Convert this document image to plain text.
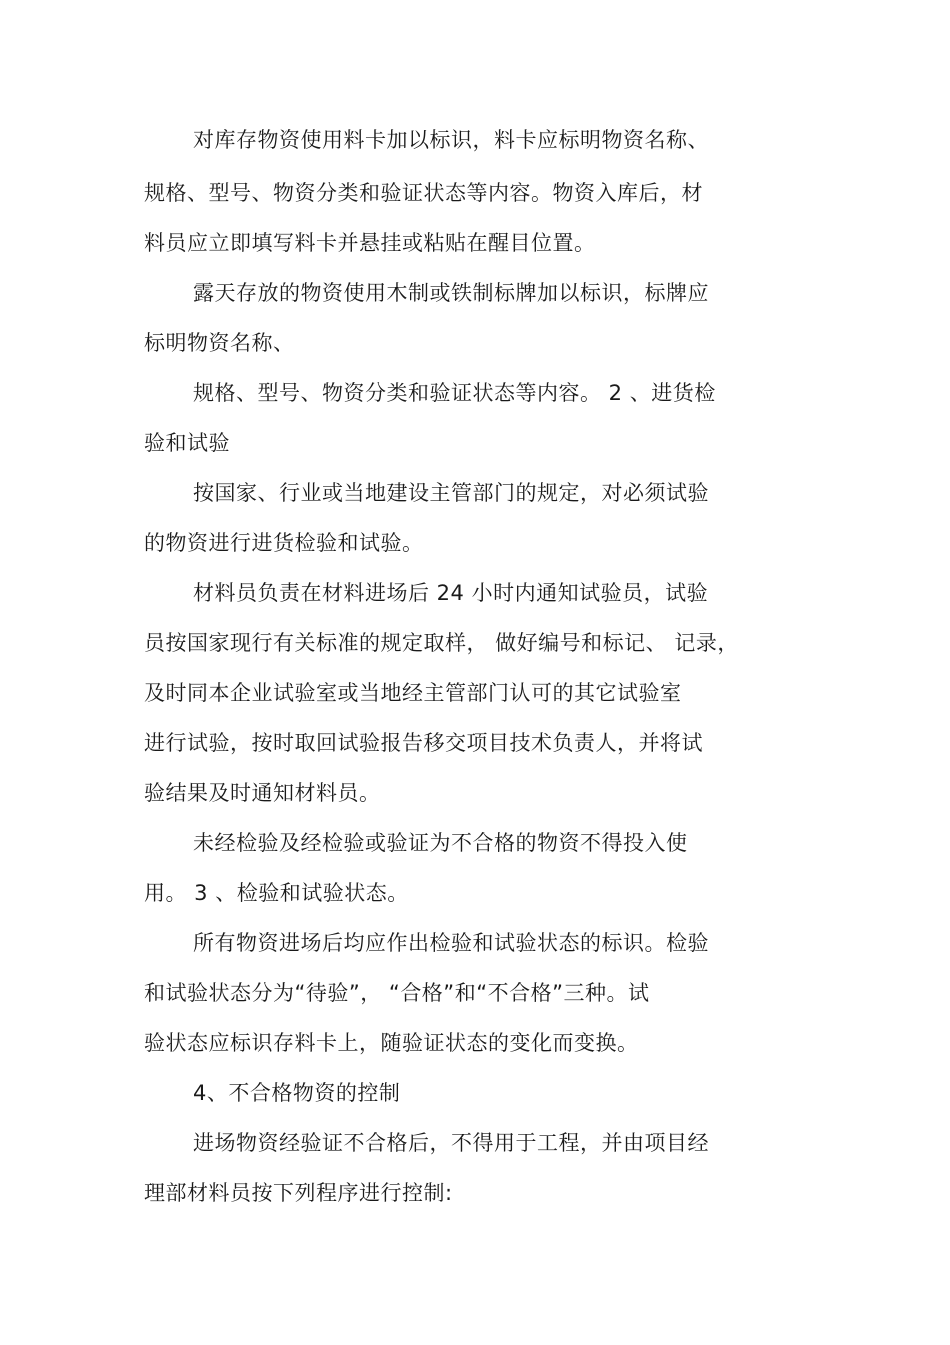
对库存物资使用料卡加以标识，料卡应标明物资名称、
规格、型号、物资分类和验证状态等内容。物资入库后，材
料员应立即填写料卡并悬挂或粘贴在醒目位置。
露天存放的物资使用木制或铁制标牌加以标识，标牌应
标明物资名称、
规格、型号、物资分类和验证状态等内容。 2 、进货检
验和试验
按国家、行业或当地建设主管部门的规定，对必须试验
的物资进行进货检验和试验。
材料员负责在材料进场后 24 小时内通知试验员，试验
员按国家现行有关标准的规定取样， 做好编号和标记、 记录，
及时同本企业试验室或当地经主管部门认可的其它试验室
进行试验，按时取回试验报告移交项目技术负责人，并将试
验结果及时通知材料员。
未经检验及经检验或验证为不合格的物资不得投入使
用。 3 、检验和试验状态。
所有物资进场后均应作出检验和试验状态的标识。检验
和试验状态分为“待验”， “合格”和“不合格”三种。试
验状态应标识存料卡上，随验证状态的变化而变换。
4、不合格物资的控制
进场物资经验证不合格后，不得用于工程，并由项目经
理部材料员按下列程序进行控制:
